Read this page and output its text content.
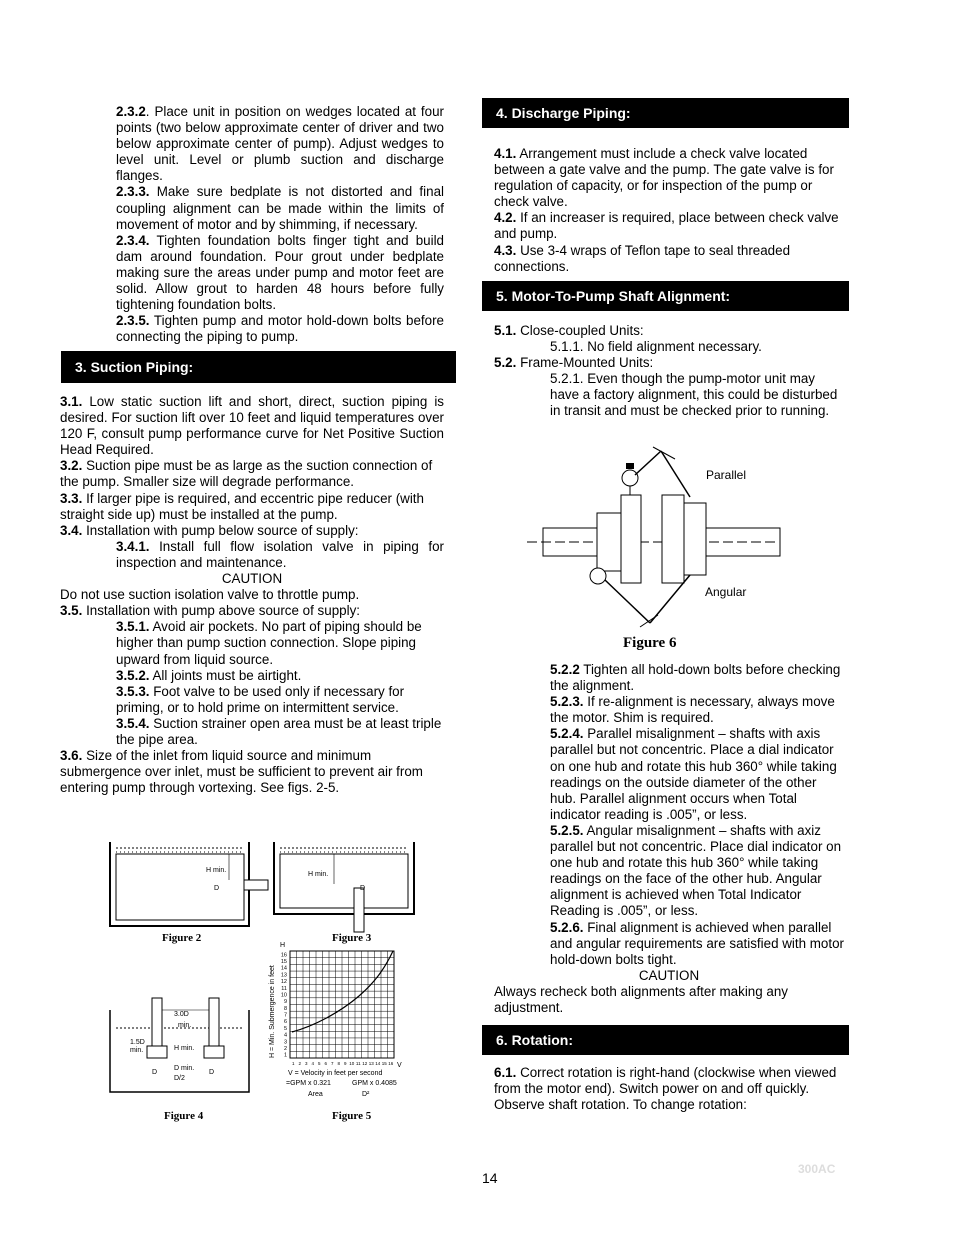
2.3.2. Place unit in position on wedges located at four points (two below approximate center of driver and two below approximate center of pump). Adjust wedges to level unit. Level or plumb suction and discharge flanges.
2.3.3. Make sure bedplate is not distorted and final coupling alignment can be made within the limits of movement of motor and by shimming, if necessary.
2.3.4. Tighten foundation bolts finger tight and build dam around foundation. Pour grout under bedplate making sure the areas under pump and motor feet are solid. Allow grout to harden 48 hours before fully tightening foundation bolts.
2.3.5. Tighten pump and motor hold-down bolts before connecting the piping to pump.
3. Suction Piping:
3.1. Low static suction lift and short, direct, suction piping is desired. For suction lift over 10 feet and liquid temperatures over 120 F, consult pump performance curve for Net Positive Suction Head Required.
3.2. Suction pipe must be as large as the suction connection of the pump. Smaller size will degrade performance.
3.3. If larger pipe is required, and eccentric pipe reducer (with straight side up) must be installed at the pump.
3.4. Installation with pump below source of supply:
3.4.1. Install full flow isolation valve in piping for inspection and maintenance.
CAUTION
Do not use suction isolation valve to throttle pump.
3.5. Installation with pump above source of supply:
3.5.1. Avoid air pockets. No part of piping should be higher than pump suction connection. Slope piping upward from liquid source.
3.5.2. All joints must be airtight.
3.5.3. Foot valve to be used only if necessary for priming, or to hold prime on intermittent service.
3.5.4. Suction strainer open area must be at least triple the pipe area.
3.6. Size of the inlet from liquid source and minimum submergence over inlet, must be sufficient to prevent air from entering pump through vortexing. See figs. 2-5.
H min.
D
Figure 2
H min.
D
Figure 3
3.0D
min.
1.5D
min.	H min.
D
D min.
D/2
D
Figure 4
H
H = Min. Submergence in feet
16
15
14
13
12
11
10
9
8
7
6
5
4
3
2
1
1 2 3 4 5 6 7 8 9 10 11 12 13 14 15 16 V
V = Velocity in feet per second
=GPM x 0.321	GPM x 0.4085
Area	D²
Figure 5
4. Discharge Piping:
4.1. Arrangement must include a check valve located between a gate valve and the pump. The gate valve is for regulation of capacity, or for inspection of the pump or check valve.
4.2. If an increaser is required, place between check valve and pump.
4.3. Use 3-4 wraps of Teflon tape to seal threaded connections.
5. Motor-To-Pump Shaft Alignment:
5.1. Close-coupled Units:
5.1.1. No field alignment necessary.
5.2. Frame-Mounted Units:
5.2.1. Even though the pump-motor unit may have a factory alignment, this could be disturbed in transit and must be checked prior to running.
Parallel
Angular
Figure 6
5.2.2 Tighten all hold-down bolts before checking the alignment.
5.2.3. If re-alignment is necessary, always move the motor. Shim is required.
5.2.4. Parallel misalignment – shafts with axis parallel but not concentric. Place a dial indicator on one hub and rotate this hub 360° while taking readings on the outside diameter of the other hub. Parallel alignment occurs when Total indicator reading is .005”, or less.
5.2.5. Angular misalignment – shafts with axiz parallel but not concentric. Place dial indicator on one hub and rotate this hub 360° while taking readings on the face of the other hub. Angular alignment is achieved when Total Indicator Reading is .005”, or less.
5.2.6. Final alignment is achieved when parallel and angular requirements are satisfied with motor hold-down bolts tight.
CAUTION
Always recheck both alignments after making any adjustment.
6. Rotation:
6.1. Correct rotation is right-hand (clockwise when viewed from the motor end). Switch power on and off quickly. Observe shaft rotation. To change rotation:
14
300AC
